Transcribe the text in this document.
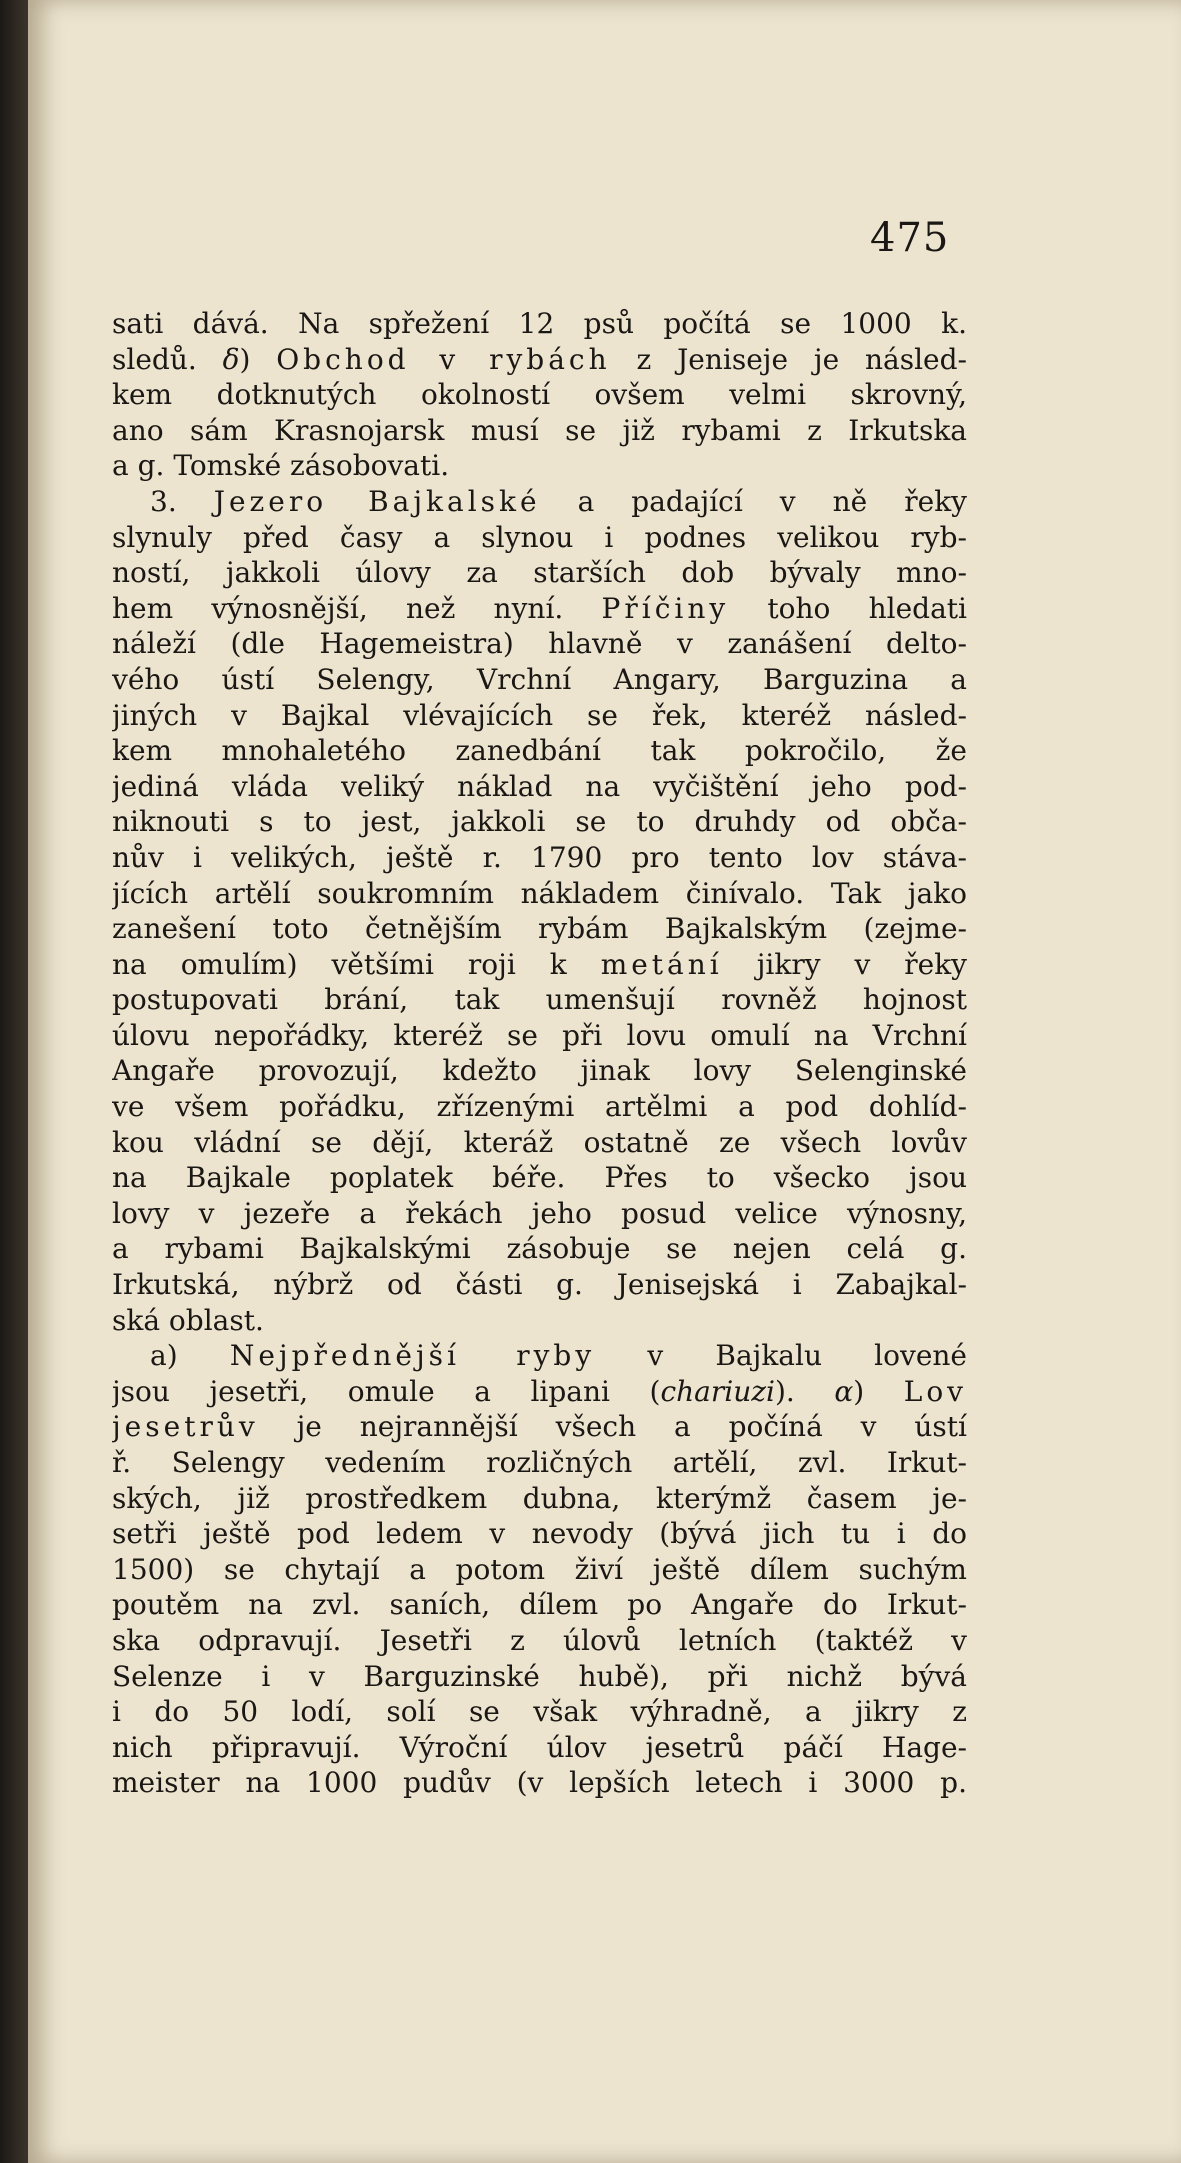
475
sati dává. Na spřežení 12 psů počítá se 1000 k.
sledů. δ) Obchod v rybách z Jeniseje je násled-
kem dotknutých okolností ovšem velmi skrovný,
ano sám Krasnojarsk musí se již rybami z Irkutska
a g. Tomské zásobovati.
3. Jezero Bajkalské a padající v ně řeky
slynuly před časy a slynou i podnes velikou ryb-
ností, jakkoli úlovy za starších dob bývaly mno-
hem výnosnější, než nyní. Příčiny toho hledati
náleží (dle Hagemeistra) hlavně v zanášení delto-
vého ústí Selengy, Vrchní Angary, Barguzina a
jiných v Bajkal vlévajících se řek, kteréž násled-
kem mnohaletého zanedbání tak pokročilo, že
jediná vláda veliký náklad na vyčištění jeho pod-
niknouti s to jest, jakkoli se to druhdy od obča-
nův i velikých, ještě r. 1790 pro tento lov stáva-
jících artělí soukromním nákladem činívalo. Tak jako
zanešení toto četnějším rybám Bajkalským (zejme-
na omulím) většími roji k metání jikry v řeky
postupovati brání, tak umenšují rovněž hojnost
úlovu nepořádky, kteréž se při lovu omulí na Vrchní
Angaře provozují, kdežto jinak lovy Selenginské
ve všem pořádku, zřízenými artělmi a pod dohlíd-
kou vládní se dějí, kteráž ostatně ze všech lovův
na Bajkale poplatek béře. Přes to všecko jsou
lovy v jezeře a řekách jeho posud velice výnosny,
a rybami Bajkalskými zásobuje se nejen celá g.
Irkutská, nýbrž od části g. Jenisejská i Zabajkal-
ská oblast.
a) Nejpřednější ryby v Bajkalu lovené
jsou jesetři, omule a lipani (chariuzi). α) Lov
jesetrův je nejrannější všech a počíná v ústí
ř. Selengy vedením rozličných artělí, zvl. Irkut-
ských, již prostředkem dubna, kterýmž časem je-
setři ještě pod ledem v nevody (bývá jich tu i do
1500) se chytají a potom živí ještě dílem suchým
poutěm na zvl. saních, dílem po Angaře do Irkut-
ska odpravují. Jesetři z úlovů letních (taktéž v
Selenze i v Barguzinské hubě), při nichž bývá
i do 50 lodí, solí se však výhradně, a jikry z
nich připravují. Výroční úlov jesetrů páčí Hage-
meister na 1000 pudův (v lepších letech i 3000 p.
